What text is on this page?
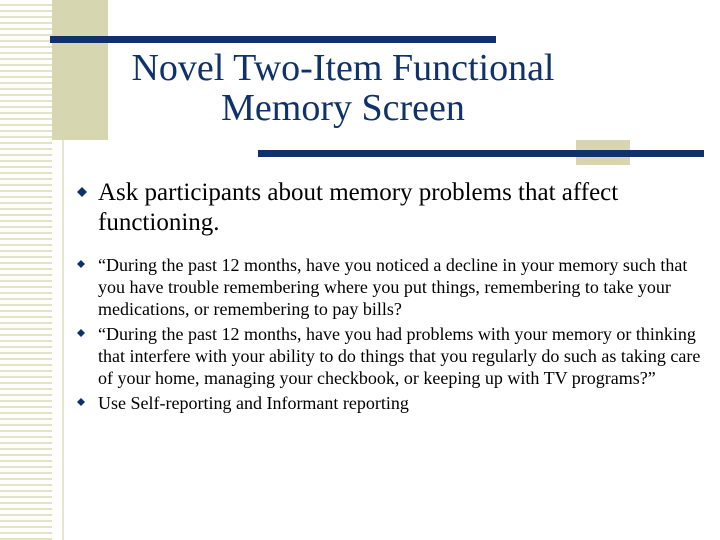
Novel Two-Item Functional
Memory Screen
Ask participants about memory problems that affect functioning.
“During the past 12 months, have you noticed a decline in your memory such that you have trouble remembering where you put things, remembering to take your medications, or remembering to pay bills?
“During the past 12 months, have you had problems with your memory or thinking that interfere with your ability to do things that you regularly do such as taking care of your home, managing your checkbook, or keeping up with TV programs?”
Use Self-reporting and Informant reporting
